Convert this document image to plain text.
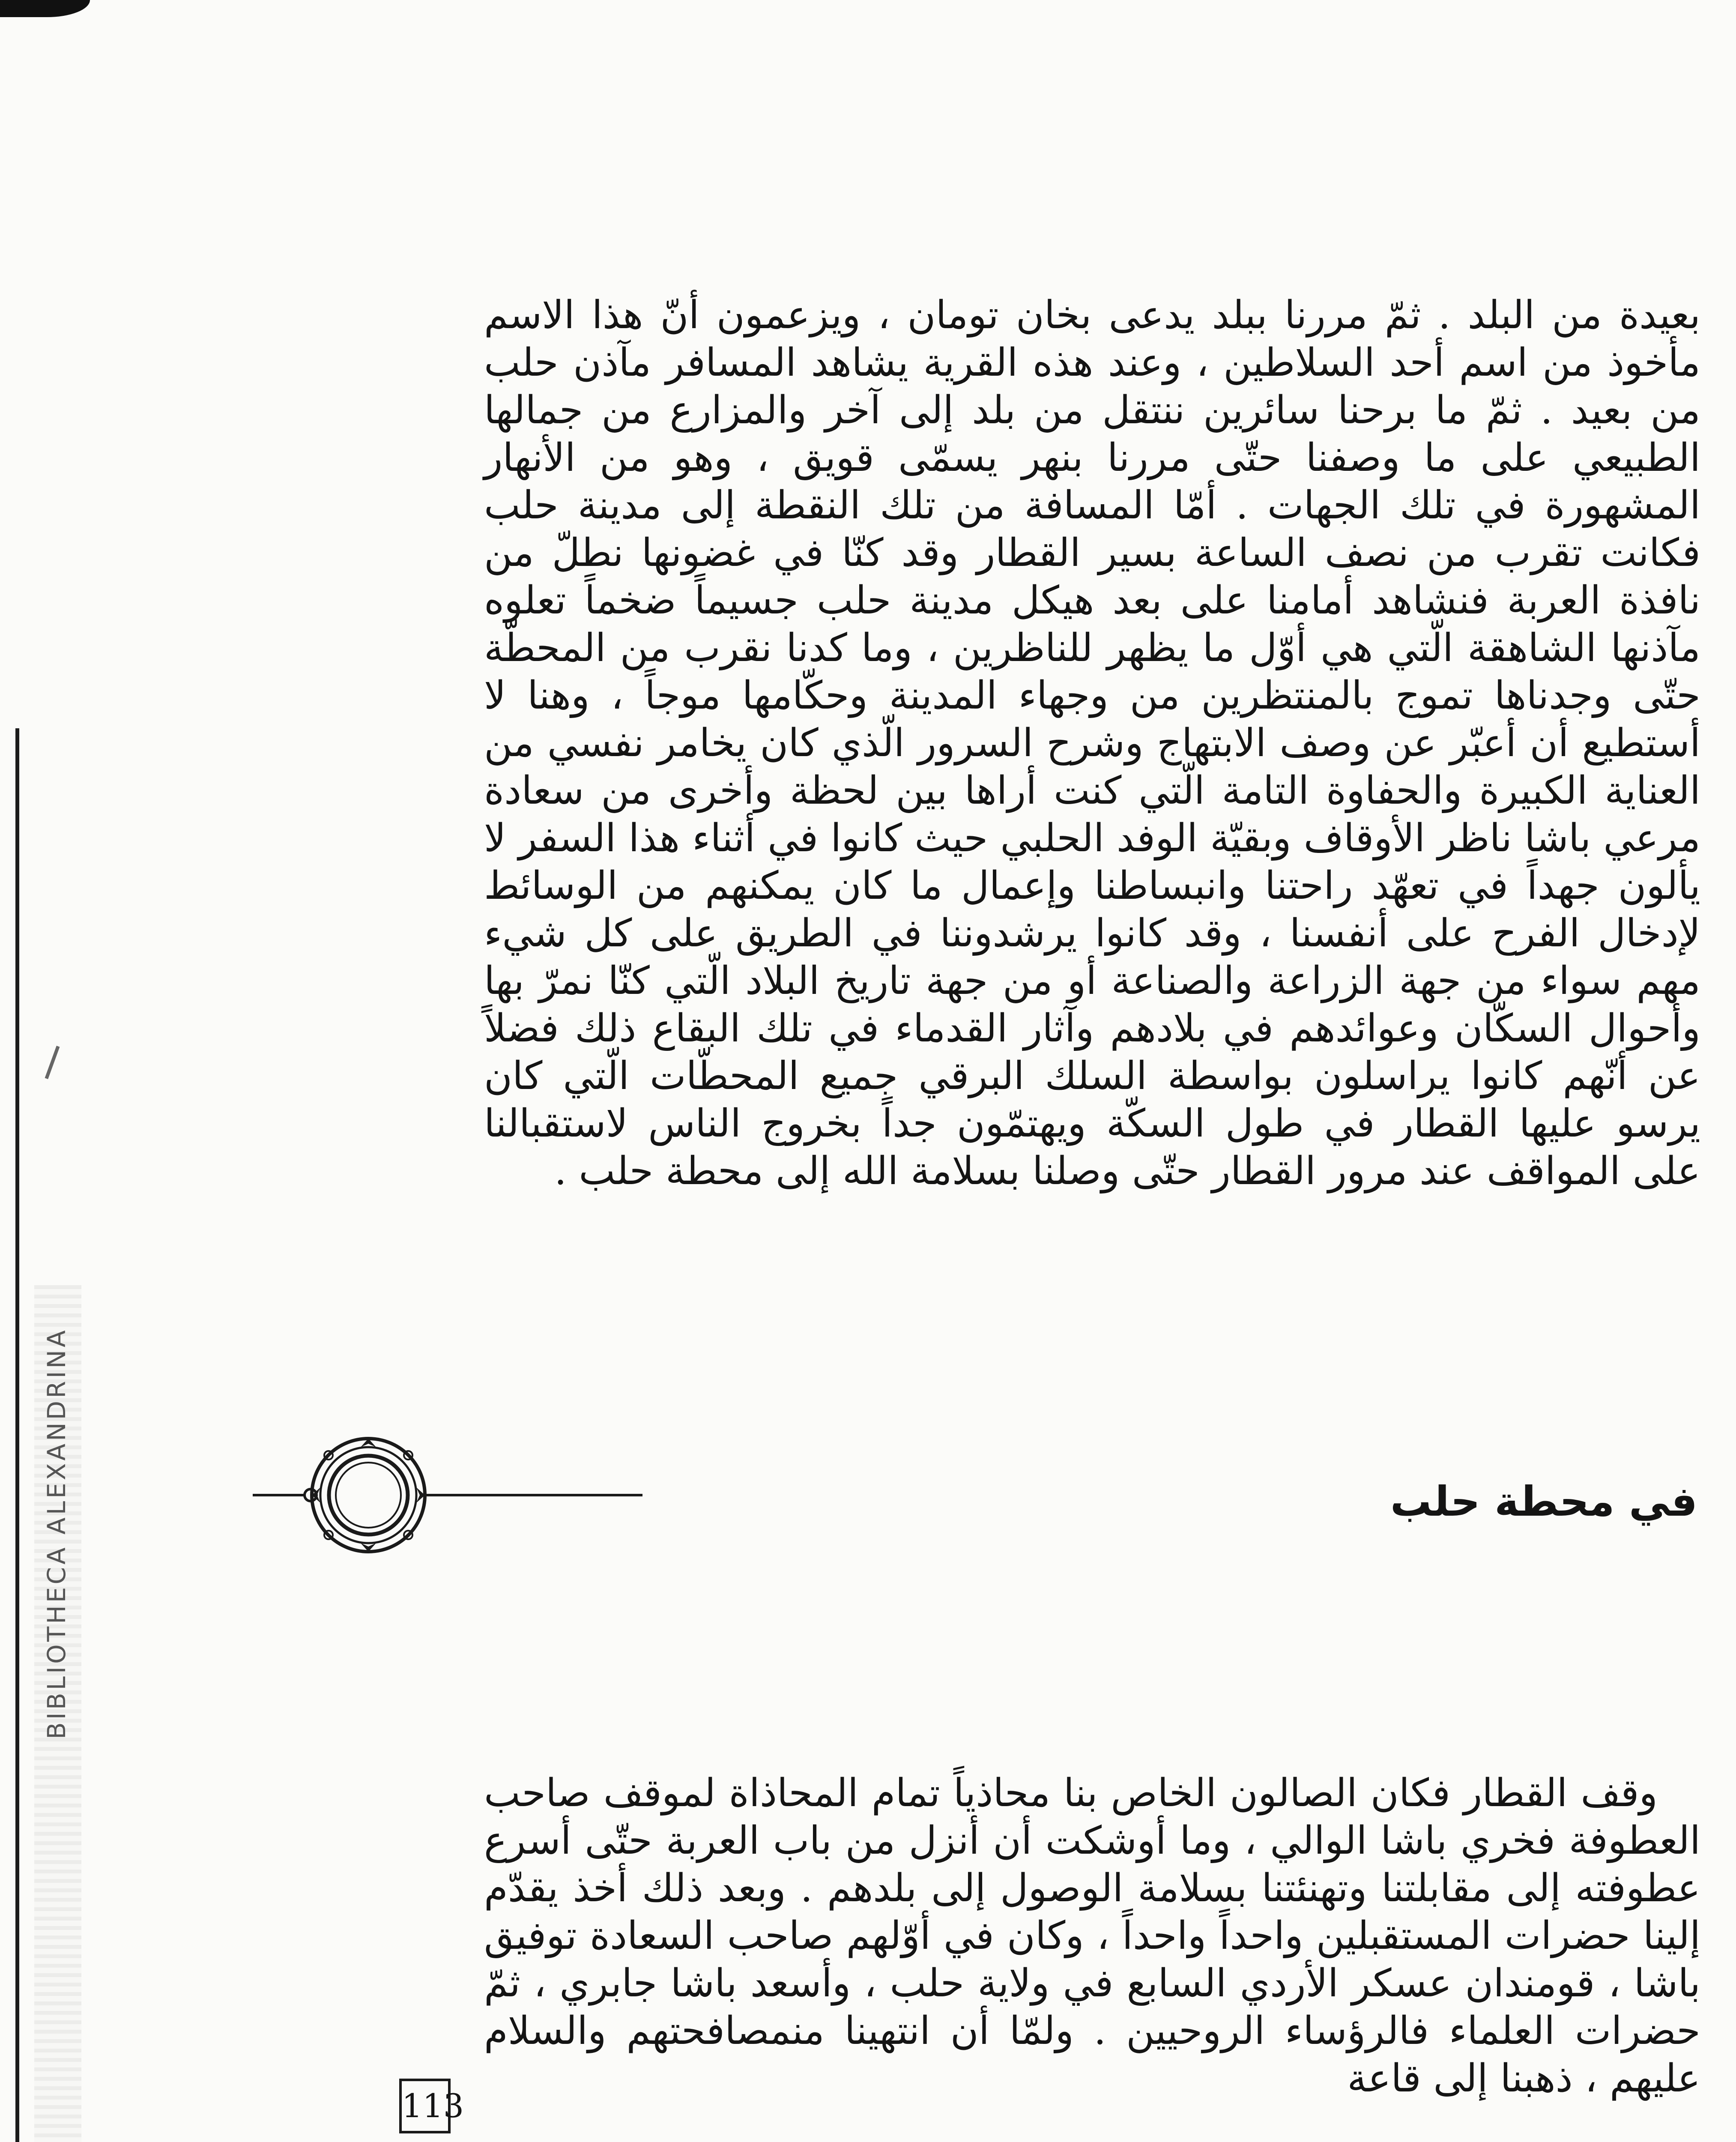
BIBLIOTHECA ALEXANDRINA

بعيدة من البلد . ثمّ مررنا ببلد يدعى بخان تومان ، ويزعمون أنّ هذا الاسم مأخوذ من اسم أحد السلاطين ، وعند هذه القرية يشاهد المسافر مآذن حلب من بعيد . ثمّ ما برحنا سائرين ننتقل من بلد إلى آخر والمزارع من جمالها الطبيعي على ما وصفنا حتّى مررنا بنهر يسمّى قويق ، وهو من الأنهار المشهورة في تلك الجهات . أمّا المسافة من تلك النقطة إلى مدينة حلب فكانت تقرب من نصف الساعة بسير القطار وقد كنّا في غضونها نطلّ من نافذة العربة فنشاهد أمامنا على بعد هيكل مدينة حلب جسيماً ضخماً تعلوه مآذنها الشاهقة الّتي هي أوّل ما يظهر للناظرين ، وما كدنا نقرب من المحطّة حتّى وجدناها تموج بالمنتظرين من وجهاء المدينة وحكّامها موجاً ، وهنا لا أستطيع أن أعبّر عن وصف الابتهاج وشرح السرور الّذي كان يخامر نفسي من العناية الكبيرة والحفاوة التامة الّتي كنت أراها بين لحظة وأخرى من سعادة مرعي باشا ناظر الأوقاف وبقيّة الوفد الحلبي حيث كانوا في أثناء هذا السفر لا يألون جهداً في تعهّد راحتنا وانبساطنا وإعمال ما كان يمكنهم من الوسائط لإدخال الفرح على أنفسنا ، وقد كانوا يرشدوننا في الطريق على كل شيء مهم سواء من جهة الزراعة والصناعة أو من جهة تاريخ البلاد الّتي كنّا نمرّ بها وأحوال السكّان وعوائدهم في بلادهم وآثار القدماء في تلك البقاع ذلك فضلاً عن أنّهم كانوا يراسلون بواسطة السلك البرقي جميع المحطّات الّتي كان يرسو عليها القطار في طول السكّة ويهتمّون جداً بخروج الناس لاستقبالنا على المواقف عند مرور القطار حتّى وصلنا بسلامة الله إلى محطة حلب .

في محطة حلب

وقف القطار فكان الصالون الخاص بنا محاذياً تمام المحاذاة لموقف صاحب العطوفة فخري باشا الوالي ، وما أوشكت أن أنزل من باب العربة حتّى أسرع عطوفته إلى مقابلتنا وتهنئتنا بسلامة الوصول إلى بلدهم . وبعد ذلك أخذ يقدّم إلينا حضرات المستقبلين واحداً واحداً ، وكان في أوّلهم صاحب السعادة توفيق باشا ، قومندان عسكر الأردي السابع في ولاية حلب ، وأسعد باشا جابري ، ثمّ حضرات العلماء فالرؤساء الروحيين . ولمّا أن انتهينا منمصافحتهم والسلام عليهم ، ذهبنا إلى قاعة

113
